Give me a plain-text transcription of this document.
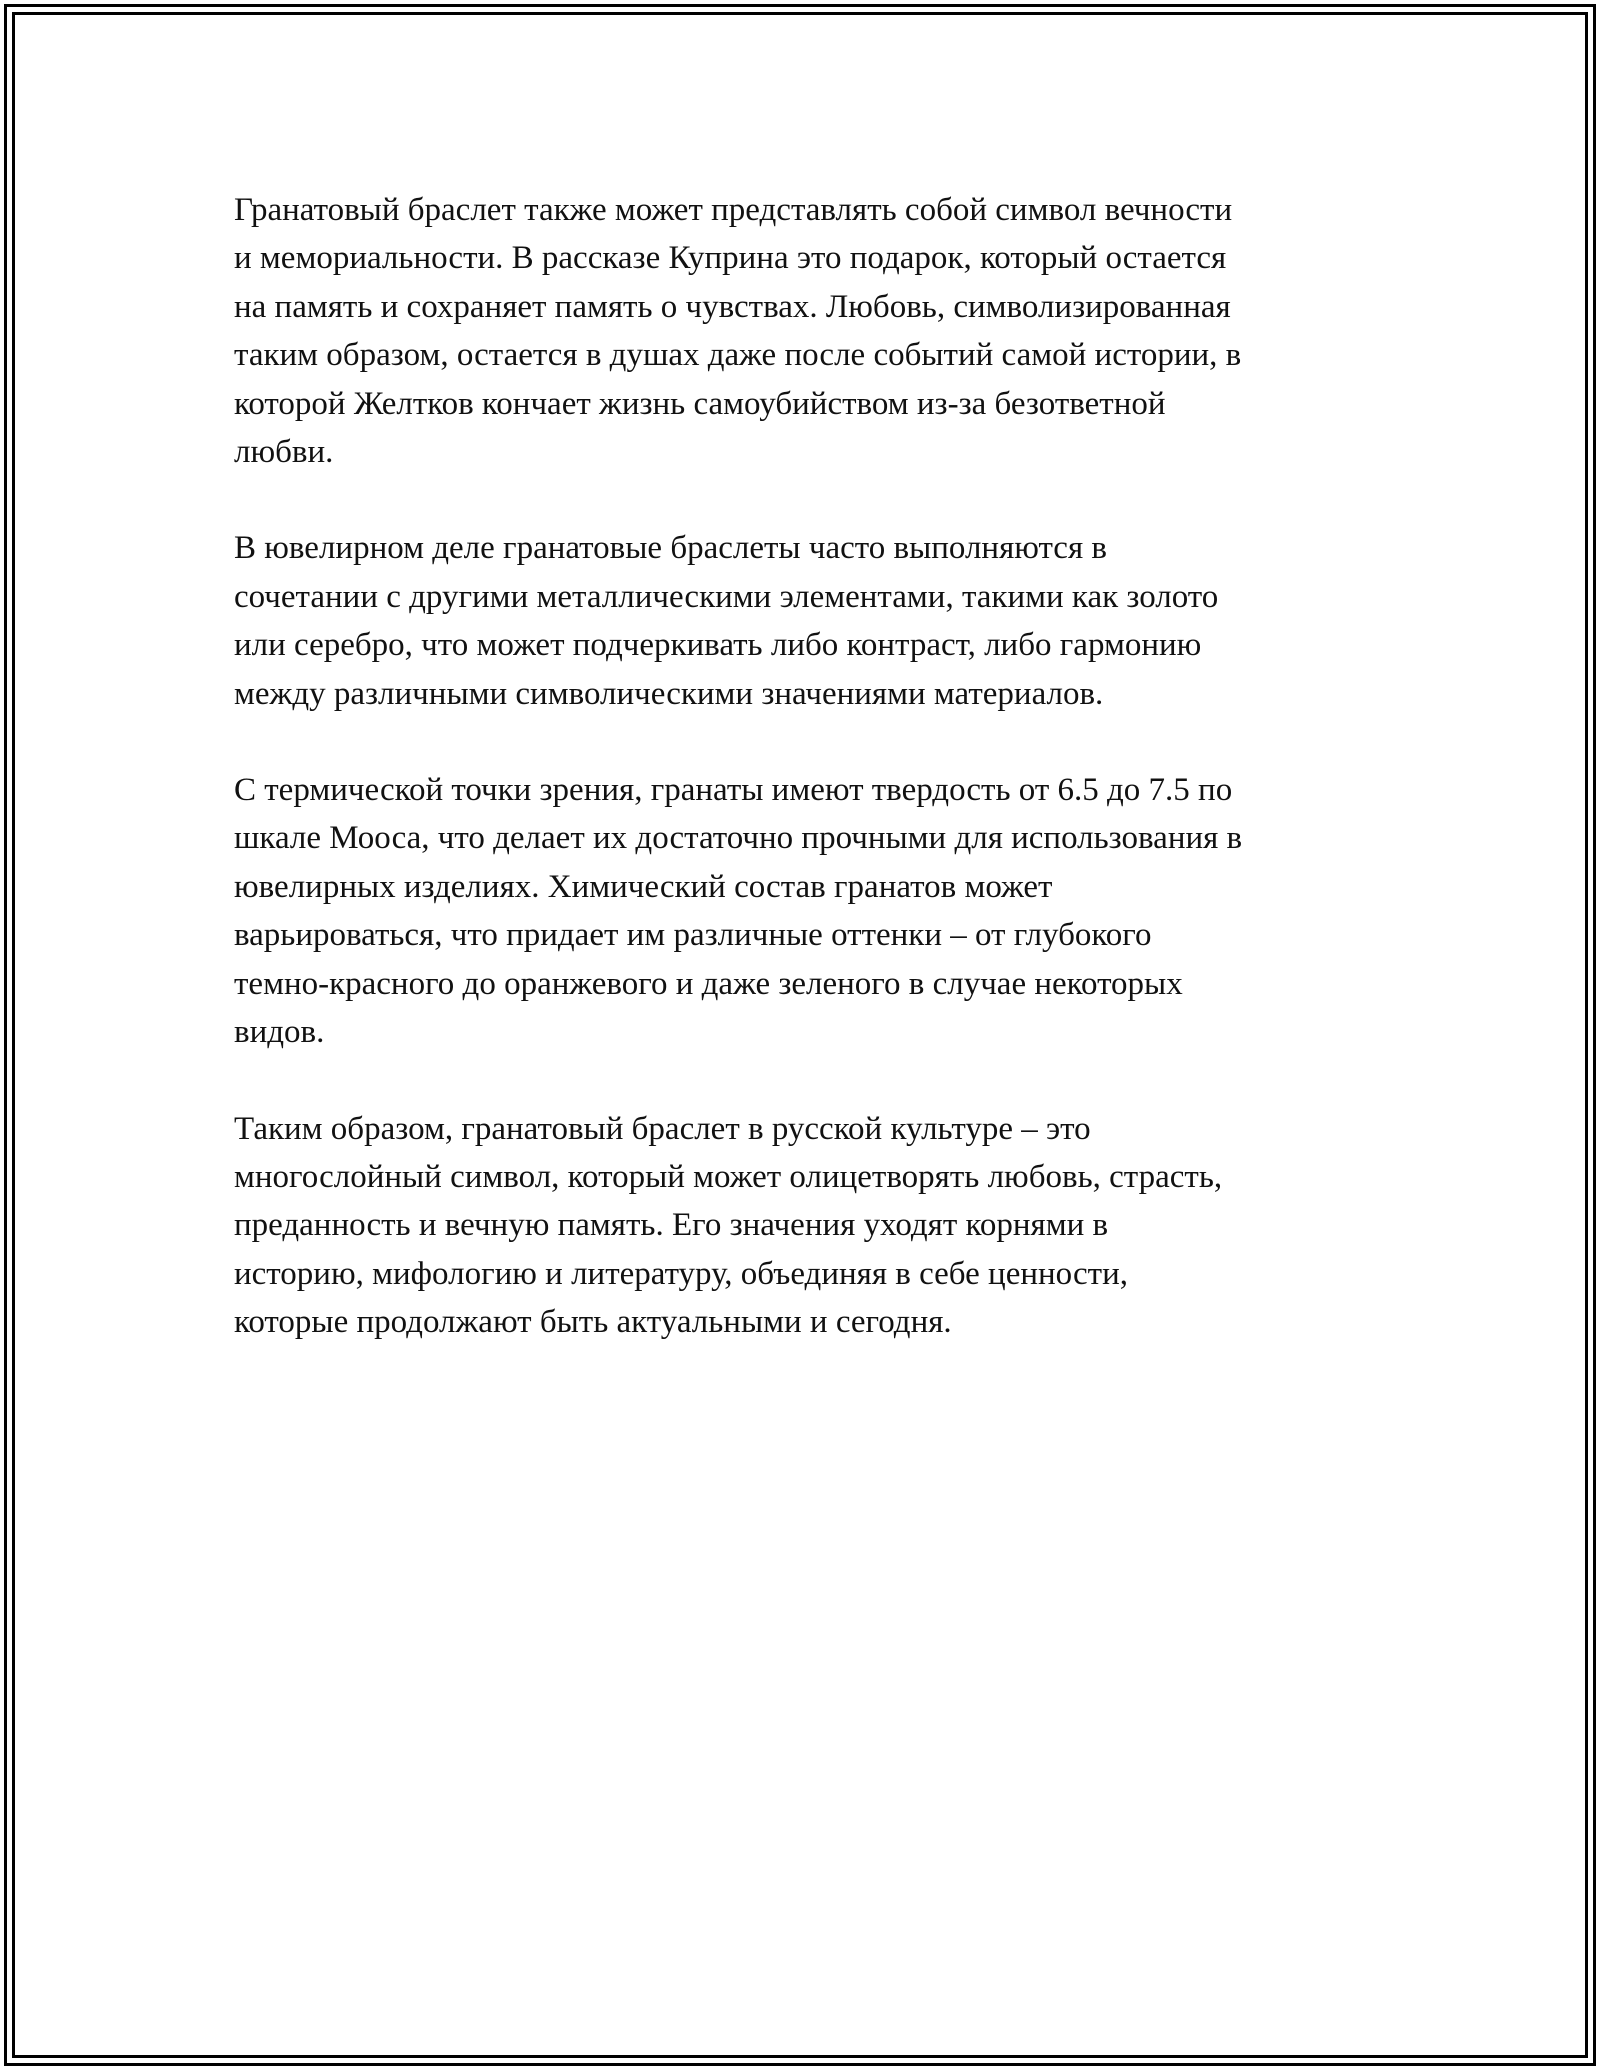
Гранатовый браслет также может представлять собой символ вечности
и мемориальности. В рассказе Куприна это подарок, который остается
на память и сохраняет память о чувствах. Любовь, символизированная
таким образом, остается в душах даже после событий самой истории, в
которой Желтков кончает жизнь самоубийством из-за безответной
любви.

В ювелирном деле гранатовые браслеты часто выполняются в
сочетании с другими металлическими элементами, такими как золото
или серебро, что может подчеркивать либо контраст, либо гармонию
между различными символическими значениями материалов.

С термической точки зрения, гранаты имеют твердость от 6.5 до 7.5 по
шкале Мооса, что делает их достаточно прочными для использования в
ювелирных изделиях. Химический состав гранатов может
варьироваться, что придает им различные оттенки – от глубокого
темно-красного до оранжевого и даже зеленого в случае некоторых
видов.

Таким образом, гранатовый браслет в русской культуре – это
многослойный символ, который может олицетворять любовь, страсть,
преданность и вечную память. Его значения уходят корнями в
историю, мифологию и литературу, объединяя в себе ценности,
которые продолжают быть актуальными и сегодня.
